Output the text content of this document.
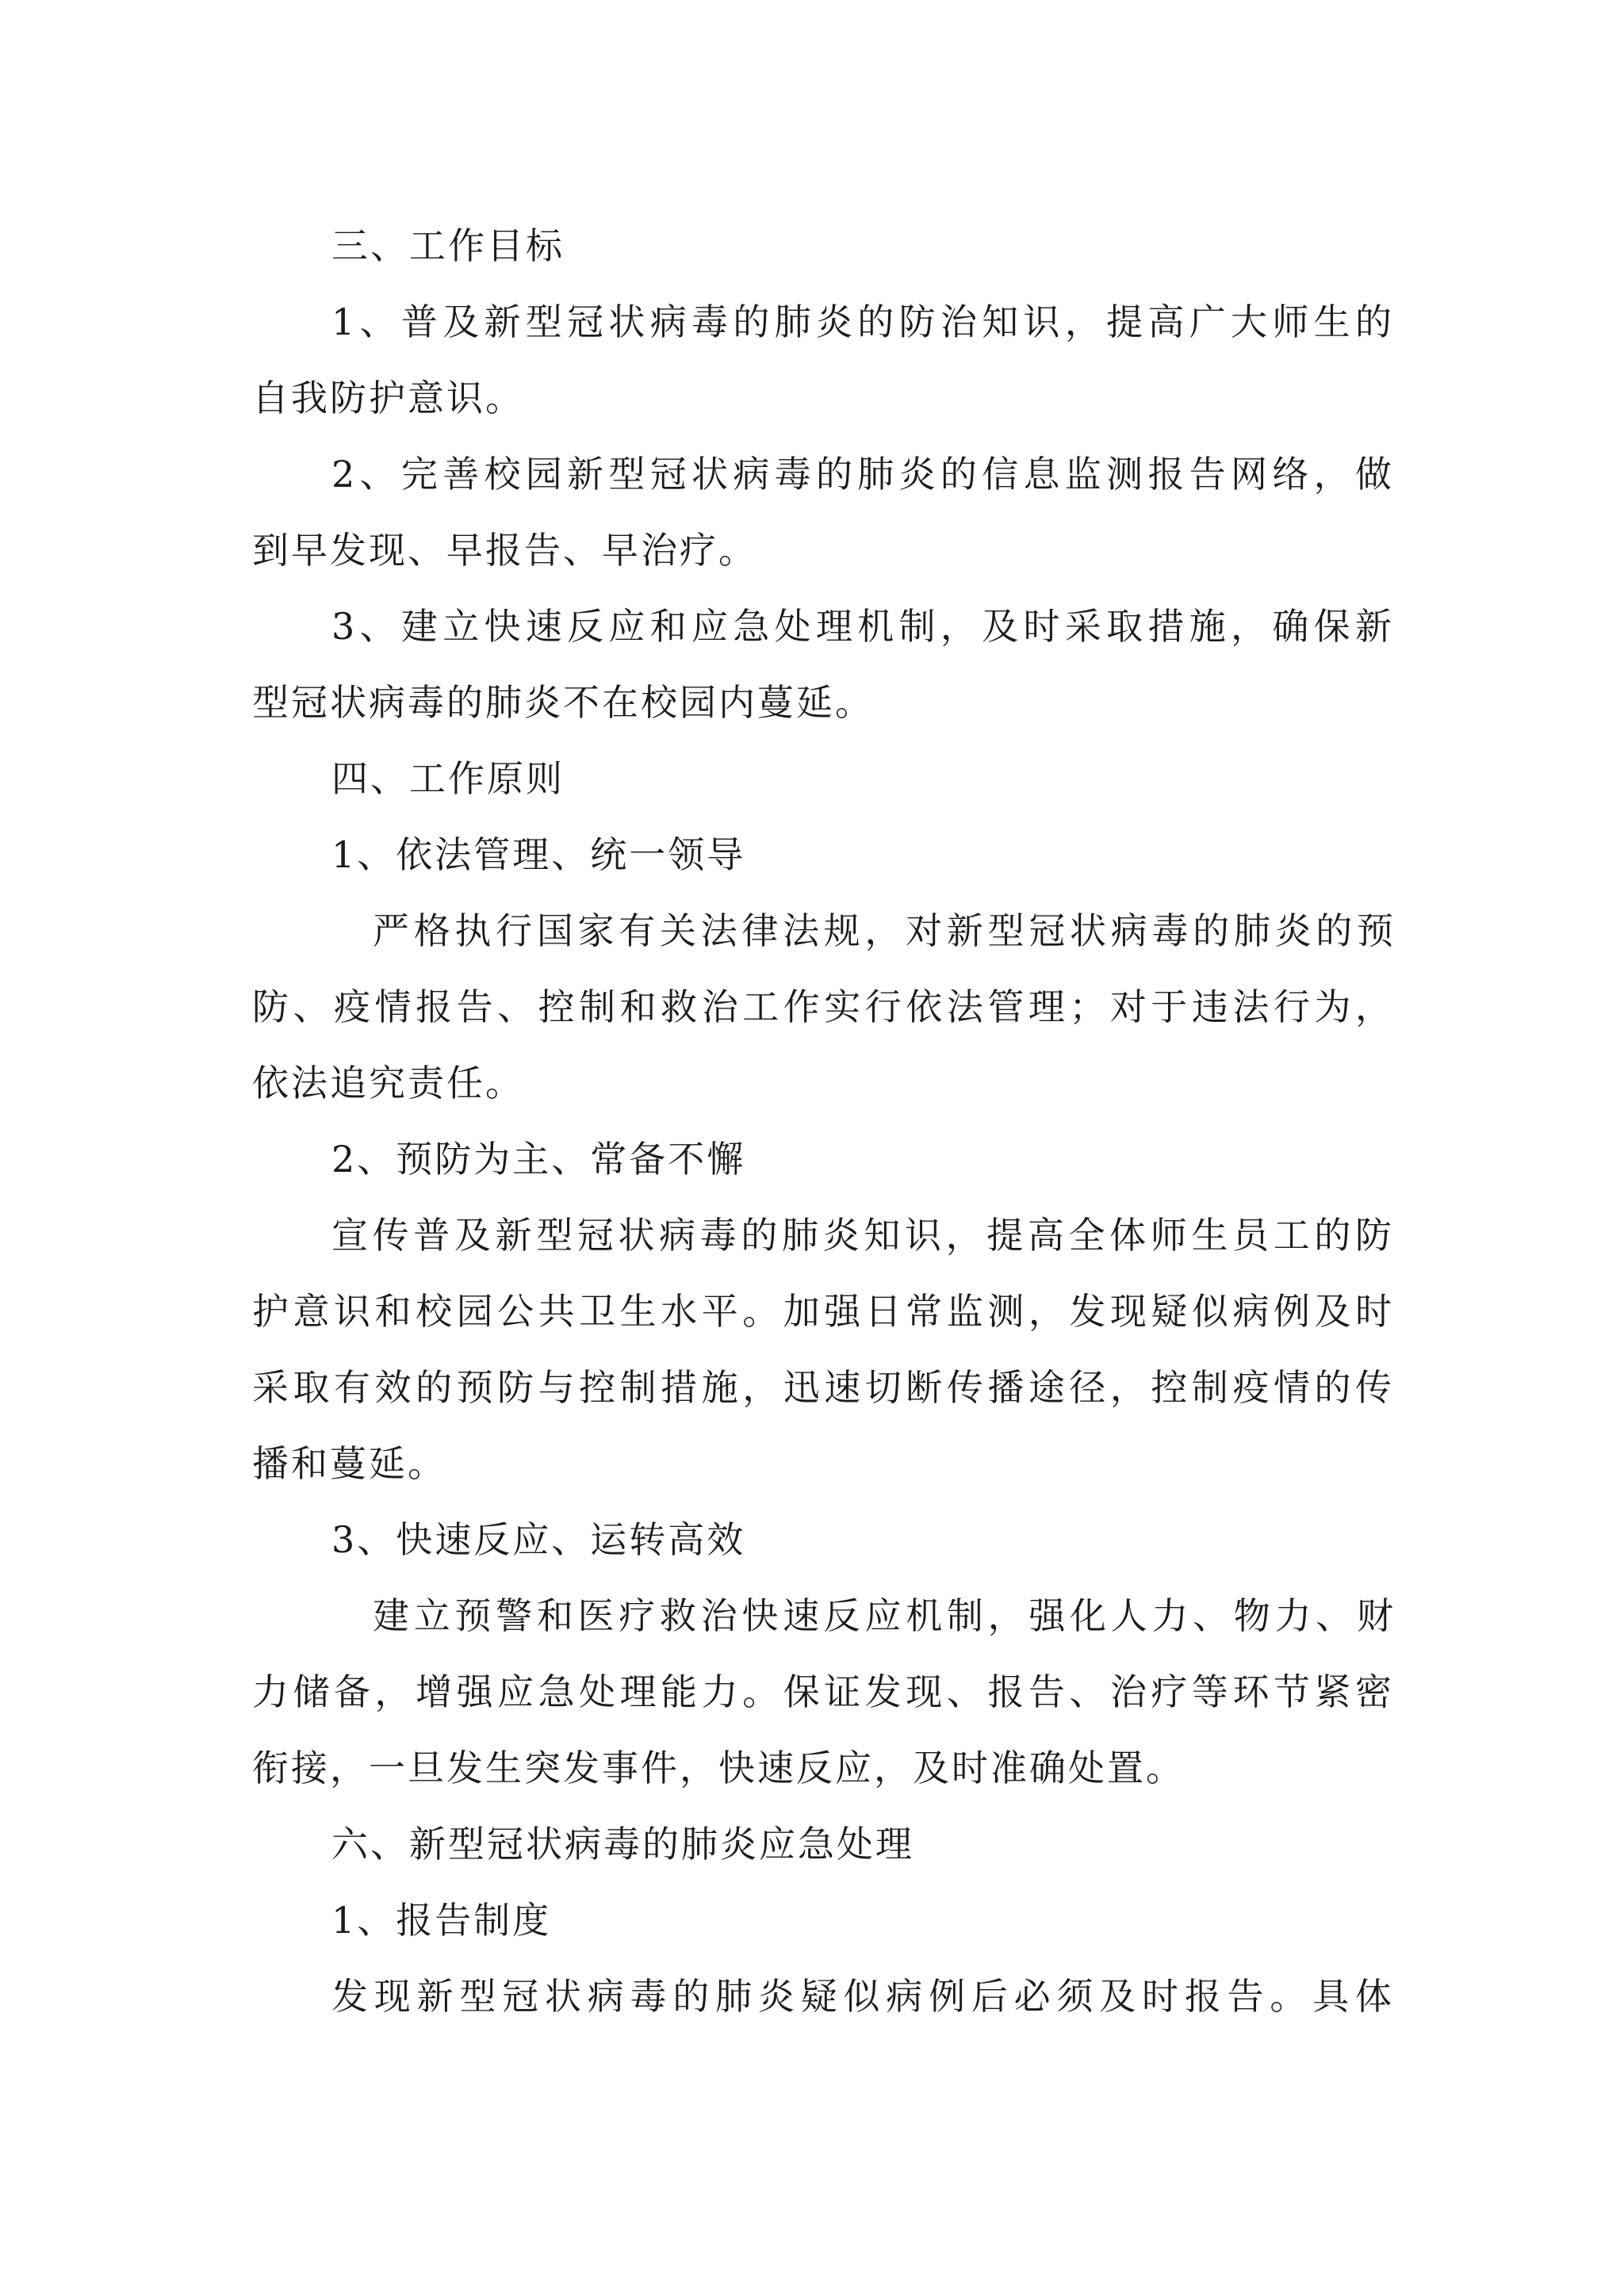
三、工作目标
1、普及新型冠状病毒的肺炎的防治知识，提高广大师生的
自我防护意识。
2、完善校园新型冠状病毒的肺炎的信息监测报告网络，做
到早发现、早报告、早治疗。
3、建立快速反应和应急处理机制，及时采取措施，确保新
型冠状病毒的肺炎不在校园内蔓延。
四、工作原则
1、依法管理、统一领导
严格执行国家有关法律法规，对新型冠状病毒的肺炎的预
防、疫情报告、控制和救治工作实行依法管理；对于违法行为，
依法追究责任。
2、预防为主、常备不懈
宣传普及新型冠状病毒的肺炎知识，提高全体师生员工的防
护意识和校园公共卫生水平。加强日常监测，发现疑似病例及时
采取有效的预防与控制措施，迅速切断传播途径，控制疫情的传
播和蔓延。
3、快速反应、运转高效
建立预警和医疗救治快速反应机制，强化人力、物力、财
力储备，增强应急处理能力。保证发现、报告、治疗等环节紧密
衔接，一旦发生突发事件，快速反应，及时准确处置。
六、新型冠状病毒的肺炎应急处理
1、报告制度
发现新型冠状病毒的肺炎疑似病例后必须及时报告。具体
